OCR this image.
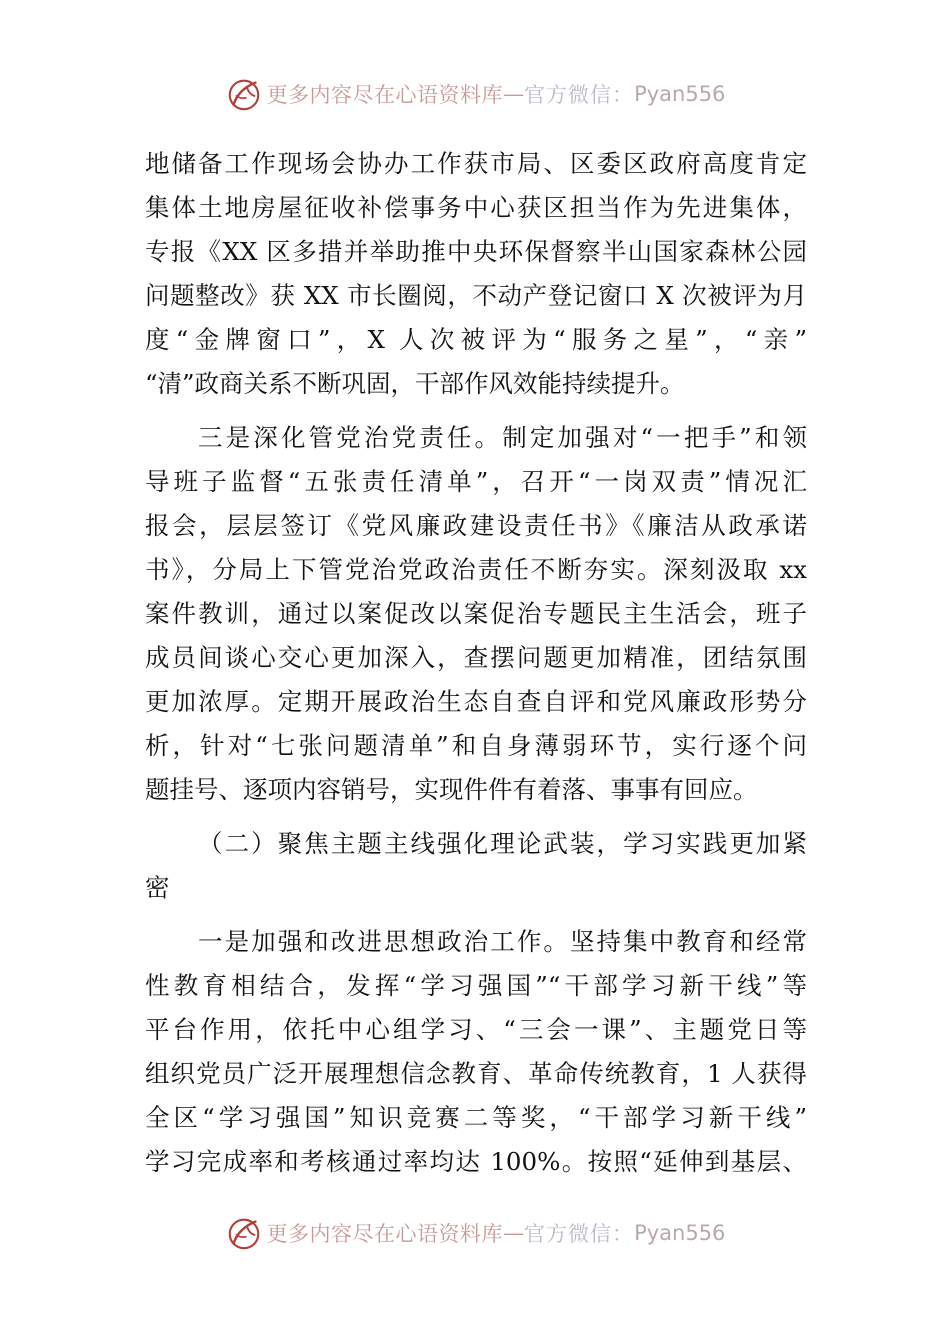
更多内容尽在心语资料库 — 官方微信： Pyan556
地储备工作现场会协办工作获市局、区委区政府高度肯定
集体土地房屋征收补偿事务中心获区担当作为先进集体，
专报《XX 区多措并举助推中央环保督察半山国家森林公园
问题整改》获 XX 市长圈阅，不动产登记窗口 X 次被评为月
度“金牌窗口”，X 人次被评为“服务之星”，“亲”
“清”政商关系不断巩固，干部作风效能持续提升。
三是深化管党治党责任。制定加强对“一把手”和领
导班子监督“五张责任清单”，召开“一岗双责”情况汇
报会，层层签订《党风廉政建设责任书》《廉洁从政承诺
书》，分局上下管党治党政治责任不断夯实。深刻汲取 xx
案件教训，通过以案促改以案促治专题民主生活会，班子
成员间谈心交心更加深入，查摆问题更加精准，团结氛围
更加浓厚。定期开展政治生态自查自评和党风廉政形势分
析，针对“七张问题清单”和自身薄弱环节，实行逐个问
题挂号、逐项内容销号，实现件件有着落、事事有回应。
（二）聚焦主题主线强化理论武装，学习实践更加紧
密
一是加强和改进思想政治工作。坚持集中教育和经常
性教育相结合，发挥“学习强国”“干部学习新干线”等
平台作用，依托中心组学习、“三会一课”、主题党日等
组织党员广泛开展理想信念教育、革命传统教育，1 人获得
全区“学习强国”知识竞赛二等奖，“干部学习新干线”
学习完成率和考核通过率均达 100%。按照“延伸到基层、
更多内容尽在心语资料库 — 官方微信： Pyan556
